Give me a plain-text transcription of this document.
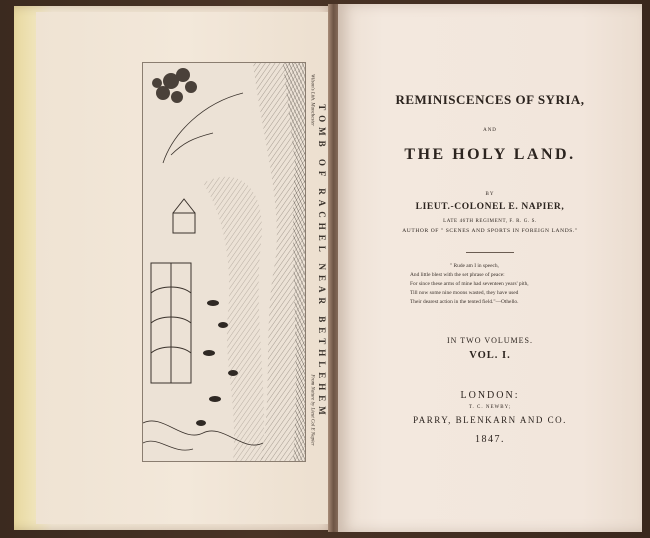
TOMB OF RACHEL NEAR BETHLEHEM
From Nature by Lieut Col E Napier
Wilson's Lith. Manchester	REMINISCENCES OF SYRIA,
AND
THE HOLY LAND.
BY
LIEUT.-COLONEL E. NAPIER,
LATE 46TH REGIMENT, F. R. G. S.
AUTHOR OF " SCENES AND SPORTS IN FOREIGN LANDS."
" Rude am I in speech,
And little blest with the set phrase of peace:
For since these arms of mine had seventeen years' pith,
Till now some nine moons wasted, they have used
Their dearest action in the tented field."—Othello.
IN TWO VOLUMES.
VOL. I.
LONDON:
T. C. NEWBY;
PARRY, BLENKARN AND CO.
1847.
